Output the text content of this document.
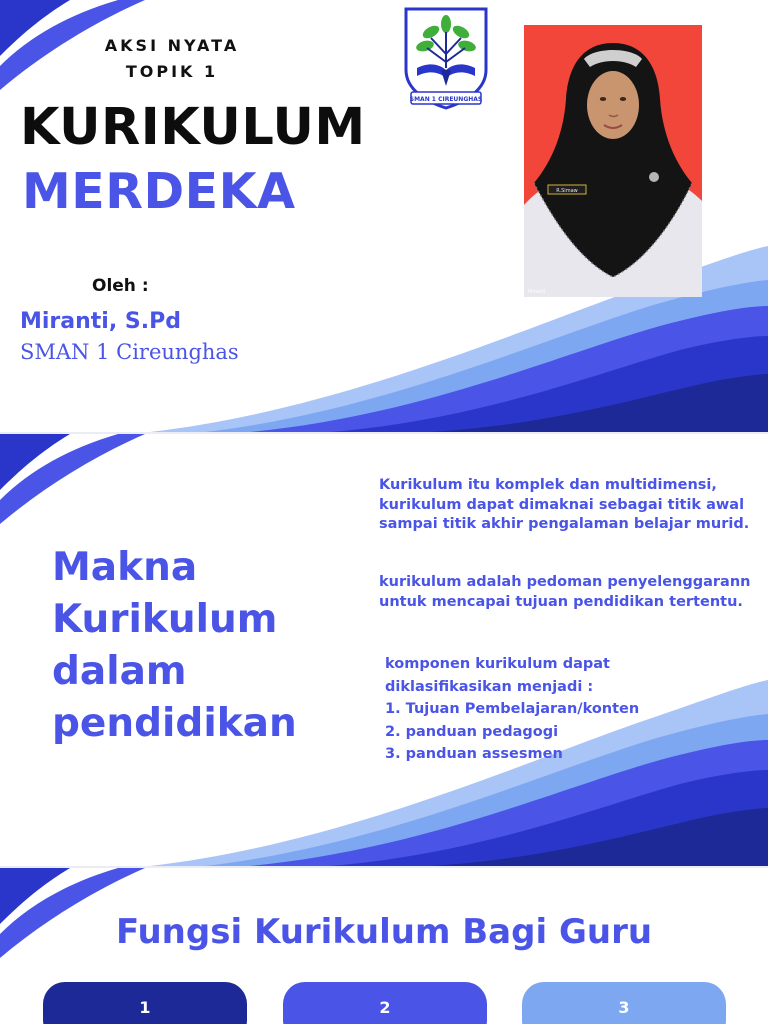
AKSI NYATA
TOPIK 1
KURIKULUM
MERDEKA
Oleh :
Miranti, S.Pd
SMAN 1 Cireunghas
SMAN 1 CIREUNGHAS
R.Simaw
Miranti
Makna
Kurikulum
dalam
pendidikan
Kurikulum itu komplek dan multidimensi, kurikulum dapat dimaknai sebagai titik awal sampai titik akhir pengalaman belajar murid.
kurikulum adalah pedoman penyelenggarann untuk mencapai tujuan pendidikan tertentu.
komponen kurikulum dapat
diklasifikasikan menjadi :
1. Tujuan Pembelajaran/konten
2. panduan pedagogi
3. panduan assesmen
Fungsi Kurikulum Bagi Guru
1	2	3
